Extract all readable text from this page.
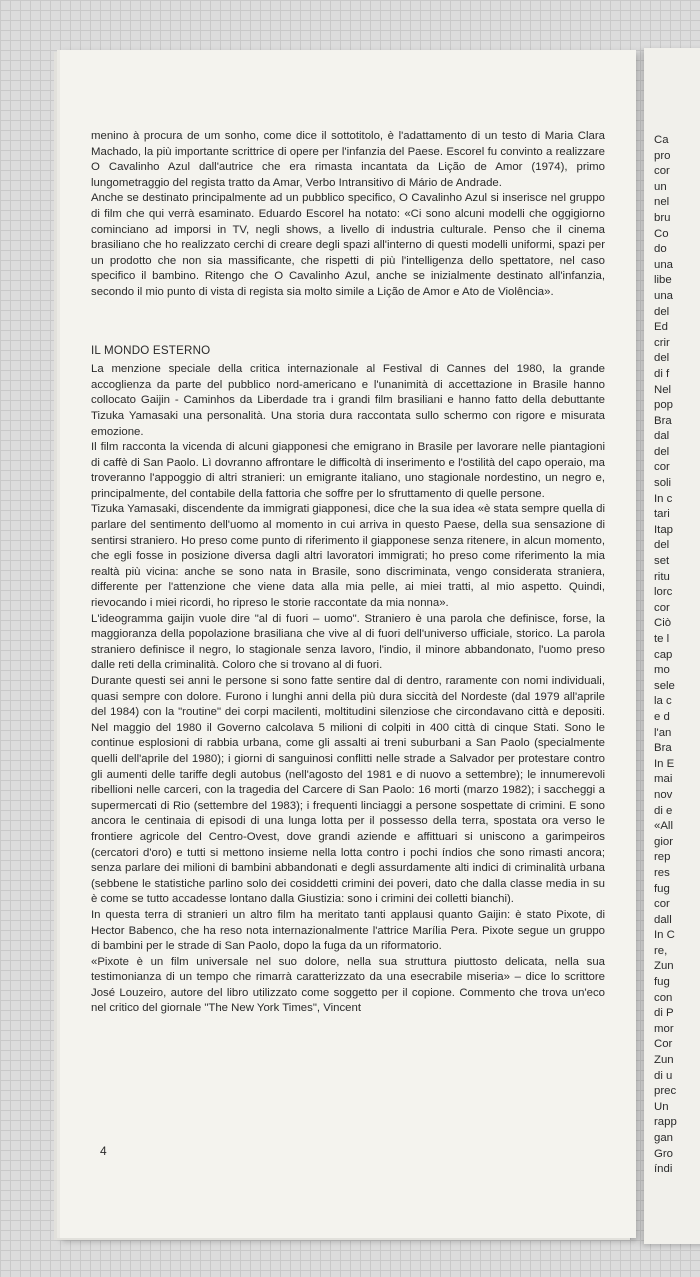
Ca
pro
cor
un
nel
bru
Co
do
una
libe
una
del
Ed
crir
del
di f
Nel
pop
Bra
dal
del
cor
soli
In c
tari
Itap
del
set
ritu
lorc
cor
Ciò
te l
cap
mo
sele
la c
e d
l'an
Bra
In E
mai
nov
di e
«All
gior
rep
res
fug
cor
dall
In C
re,
Zun
fug
con
di P
mor
Cor
Zun
di u
prec
Un
rapp
gan
Gro
índi

menino à procura de um sonho, come dice il sottotitolo, è l'adattamento di un testo di Maria Clara Machado, la più importante scrittrice di opere per l'infanzia del Paese. Escorel fu convinto a realizzare O Cavalinho Azul dall'autrice che era rimasta incantata da Lição de Amor (1974), primo lungometraggio del regista tratto da Amar, Verbo Intransitivo di Mário de Andrade.

Anche se destinato principalmente ad un pubblico specifico, O Cavalinho Azul si inserisce nel gruppo di film che qui verrà esaminato. Eduardo Escorel ha notato: «Ci sono alcuni modelli che oggigiorno cominciano ad imporsi in TV, negli shows, a livello di industria culturale. Penso che il cinema brasiliano che ho realizzato cerchi di creare degli spazi all'interno di questi modelli uniformi, spazi per un prodotto che non sia massificante, che rispetti di più l'intelligenza dello spettatore, nel caso specifico il bambino. Ritengo che O Cavalinho Azul, anche se inizialmente destinato all'infanzia, secondo il mio punto di vista di regista sia molto simile a Lição de Amor e Ato de Violência».

IL MONDO ESTERNO

La menzione speciale della critica internazionale al Festival di Cannes del 1980, la grande accoglienza da parte del pubblico nord-americano e l'unanimità di accettazione in Brasile hanno collocato Gaijin - Caminhos da Liberdade tra i grandi film brasiliani e hanno fatto della debuttante Tizuka Yamasaki una personalità. Una storia dura raccontata sullo schermo con rigore e misurata emozione.

Il film racconta la vicenda di alcuni giapponesi che emigrano in Brasile per lavorare nelle piantagioni di caffè di San Paolo. Lì dovranno affrontare le difficoltà di inserimento e l'ostilità del capo operaio, ma troveranno l'appoggio di altri stranieri: un emigrante italiano, uno stagionale nordestino, un negro e, principalmente, del contabile della fattoria che soffre per lo sfruttamento di quelle persone.

Tizuka Yamasaki, discendente da immigrati giapponesi, dice che la sua idea «è stata sempre quella di parlare del sentimento dell'uomo al momento in cui arriva in questo Paese, della sua sensazione di sentirsi straniero. Ho preso come punto di riferimento il giapponese senza ritenere, in alcun momento, che egli fosse in posizione diversa dagli altri lavoratori immigrati; ho preso come riferimento la mia realtà più vicina: anche se sono nata in Brasile, sono discriminata, vengo considerata straniera, differente per l'attenzione che viene data alla mia pelle, ai miei tratti, al mio aspetto. Quindi, rievocando i miei ricordi, ho ripreso le storie raccontate da mia nonna».

L'ideogramma gaijin vuole dire "al di fuori – uomo". Straniero è una parola che definisce, forse, la maggioranza della popolazione brasiliana che vive al di fuori dell'universo ufficiale, storico. La parola straniero definisce il negro, lo stagionale senza lavoro, l'indio, il minore abbandonato, l'uomo preso dalle reti della criminalità. Coloro che si trovano al di fuori.

Durante questi sei anni le persone si sono fatte sentire dal di dentro, raramente con nomi individuali, quasi sempre con dolore. Furono i lunghi anni della più dura siccità del Nordeste (dal 1979 all'aprile del 1984) con la "routine" dei corpi macilenti, moltitudini silenziose che circondavano città e depositi. Nel maggio del 1980 il Governo calcolava 5 milioni di colpiti in 400 città di cinque Stati. Sono le continue esplosioni di rabbia urbana, come gli assalti ai treni suburbani a San Paolo (specialmente quelli dell'aprile del 1980); i giorni di sanguinosi conflitti nelle strade a Salvador per protestare contro gli aumenti delle tariffe degli autobus (nell'agosto del 1981 e di nuovo a settembre); le innumerevoli ribellioni nelle carceri, con la tragedia del Carcere di San Paolo: 16 morti (marzo 1982); i saccheggi a supermercati di Rio (settembre del 1983); i frequenti linciaggi a persone sospettate di crimini. E sono ancora le centinaia di episodi di una lunga lotta per il possesso della terra, spostata ora verso le frontiere agricole del Centro-Ovest, dove grandi aziende e affittuari si uniscono a garimpeiros (cercatori d'oro) e tutti si mettono insieme nella lotta contro i pochi índios che sono rimasti ancora; senza parlare dei milioni di bambini abbandonati e degli assurdamente alti indici di criminalità urbana (sebbene le statistiche parlino solo dei cosiddetti crimini dei poveri, dato che dalla classe media in su è come se tutto accadesse lontano dalla Giustizia: sono i crimini dei colletti bianchi).

In questa terra di stranieri un altro film ha meritato tanti applausi quanto Gaijin: è stato Pixote, di Hector Babenco, che ha reso nota internazionalmente l'attrice Marília Pera. Pixote segue un gruppo di bambini per le strade di San Paolo, dopo la fuga da un riformatorio.

«Pixote è un film universale nel suo dolore, nella sua struttura piuttosto delicata, nella sua testimonianza di un tempo che rimarrà caratterizzato da una esecrabile miseria» – dice lo scrittore José Louzeiro, autore del libro utilizzato come soggetto per il copione. Commento che trova un'eco nel critico del giornale "The New York Times", Vincent

4
